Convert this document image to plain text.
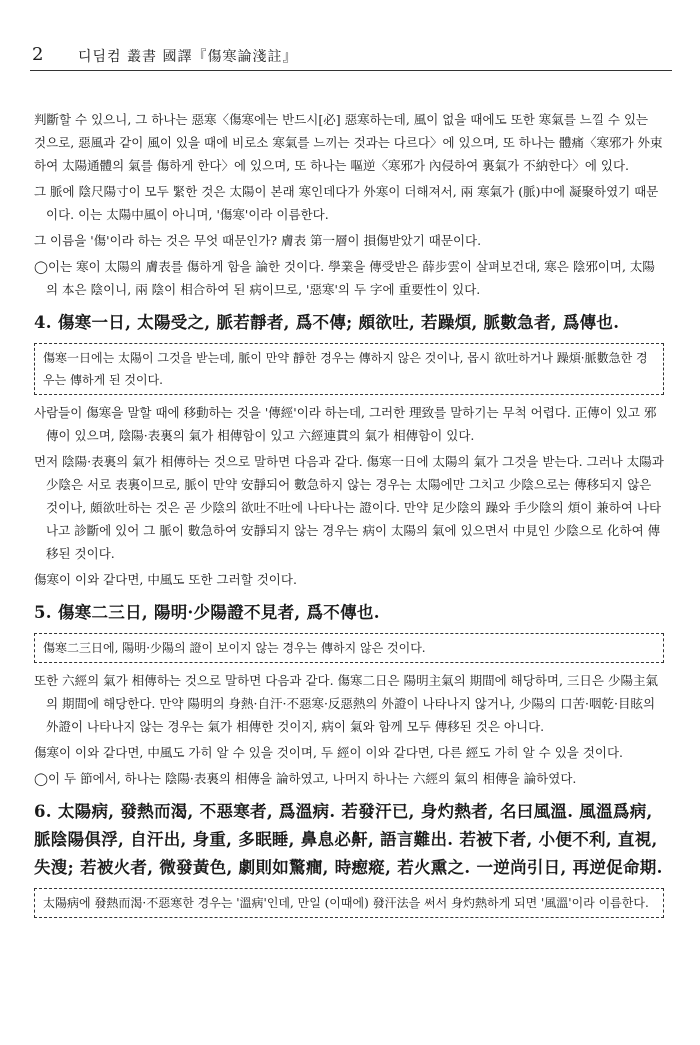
2 디딤컴 叢書 國譯『傷寒論淺註』

判斷할 수 있으니, 그 하나는 惡寒〈傷寒에는 반드시[必] 惡寒하는데, 風이 없을 때에도 또한 寒氣를 느낄 수 있는 것으로, 惡風과 같이 風이 있을 때에 비로소 寒氣를 느끼는 것과는 다르다〉에 있으며, 또 하나는 體痛〈寒邪가 外束하여 太陽通體의 氣를 傷하게 한다〉에 있으며, 또 하나는 嘔逆〈寒邪가 內侵하여 裏氣가 不納한다〉에 있다.

그 脈에 陰尺陽寸이 모두 緊한 것은 太陽이 본래 寒인데다가 外寒이 더해져서, 兩 寒氣가 (脈)中에 凝聚하였기 때문이다. 이는 太陽中風이 아니며, '傷寒'이라 이름한다.

그 이름을 '傷'이라 하는 것은 무엇 때문인가? 膚表 第一層이 損傷받았기 때문이다.

◯이는 寒이 太陽의 膚表를 傷하게 함을 論한 것이다. 學業을 傳受받은 薛步雲이 살펴보건대, 寒은 陰邪이며, 太陽의 本은 陰이니, 兩 陰이 相合하여 된 病이므로, '惡寒'의 두 字에 重要性이 있다.

4. 傷寒一日, 太陽受之, 脈若靜者, 爲不傳; 頗欲吐, 若躁煩, 脈數急者, 爲傳也.
傷寒一日에는 太陽이 그것을 받는데, 脈이 만약 靜한 경우는 傳하지 않은 것이나, 몹시 欲吐하거나 躁煩·脈數急한 경우는 傳하게 된 것이다.

사람들이 傷寒을 말할 때에 移動하는 것을 '傳經'이라 하는데, 그러한 理致를 말하기는 무척 어렵다. 正傳이 있고 邪傳이 있으며, 陰陽·表裏의 氣가 相傳함이 있고 六經連貫의 氣가 相傳함이 있다.

먼저 陰陽·表裏의 氣가 相傳하는 것으로 말하면 다음과 같다. 傷寒一日에 太陽의 氣가 그것을 받는다. 그러나 太陽과 少陰은 서로 表裏이므로, 脈이 만약 安靜되어 數急하지 않는 경우는 太陽에만 그치고 少陰으로는 傳移되지 않은 것이나, 頗欲吐하는 것은 곧 少陰의 欲吐不吐에 나타나는 證이다. 만약 足少陰의 躁와 手少陰의 煩이 兼하여 나타나고 診斷에 있어 그 脈이 數急하여 安靜되지 않는 경우는 病이 太陽의 氣에 있으면서 中見인 少陰으로 化하여 傳移된 것이다.

傷寒이 이와 같다면, 中風도 또한 그러할 것이다.

5. 傷寒二三日, 陽明·少陽證不見者, 爲不傳也.
傷寒二三日에, 陽明·少陽의 證이 보이지 않는 경우는 傳하지 않은 것이다.

또한 六經의 氣가 相傳하는 것으로 말하면 다음과 같다. 傷寒二日은 陽明主氣의 期間에 해당하며, 三日은 少陽主氣의 期間에 해당한다. 만약 陽明의 身熱·自汗·不惡寒·反惡熱의 外證이 나타나지 않거나, 少陽의 口苦·咽乾·目眩의 外證이 나타나지 않는 경우는 氣가 相傳한 것이지, 病이 氣와 함께 모두 傳移된 것은 아니다.

傷寒이 이와 같다면, 中風도 가히 알 수 있을 것이며, 두 經이 이와 같다면, 다른 經도 가히 알 수 있을 것이다.

◯이 두 節에서, 하나는 陰陽·表裏의 相傳을 論하였고, 나머지 하나는 六經의 氣의 相傳을 論하였다.

6. 太陽病, 發熱而渴, 不惡寒者, 爲溫病. 若發汗已, 身灼熱者, 名曰風溫. 風溫爲病, 脈陰陽俱浮, 自汗出, 身重, 多眠睡, 鼻息必鼾, 語言難出. 若被下者, 小便不利, 直視, 失溲; 若被火者, 微發黃色, 劇則如驚癎, 時瘛瘲, 若火熏之. 一逆尚引日, 再逆促命期.
太陽病에 發熱而渴·不惡寒한 경우는 '溫病'인데, 만일 (이때에) 發汗法을 써서 身灼熱하게 되면 '風溫'이라 이름한다.
